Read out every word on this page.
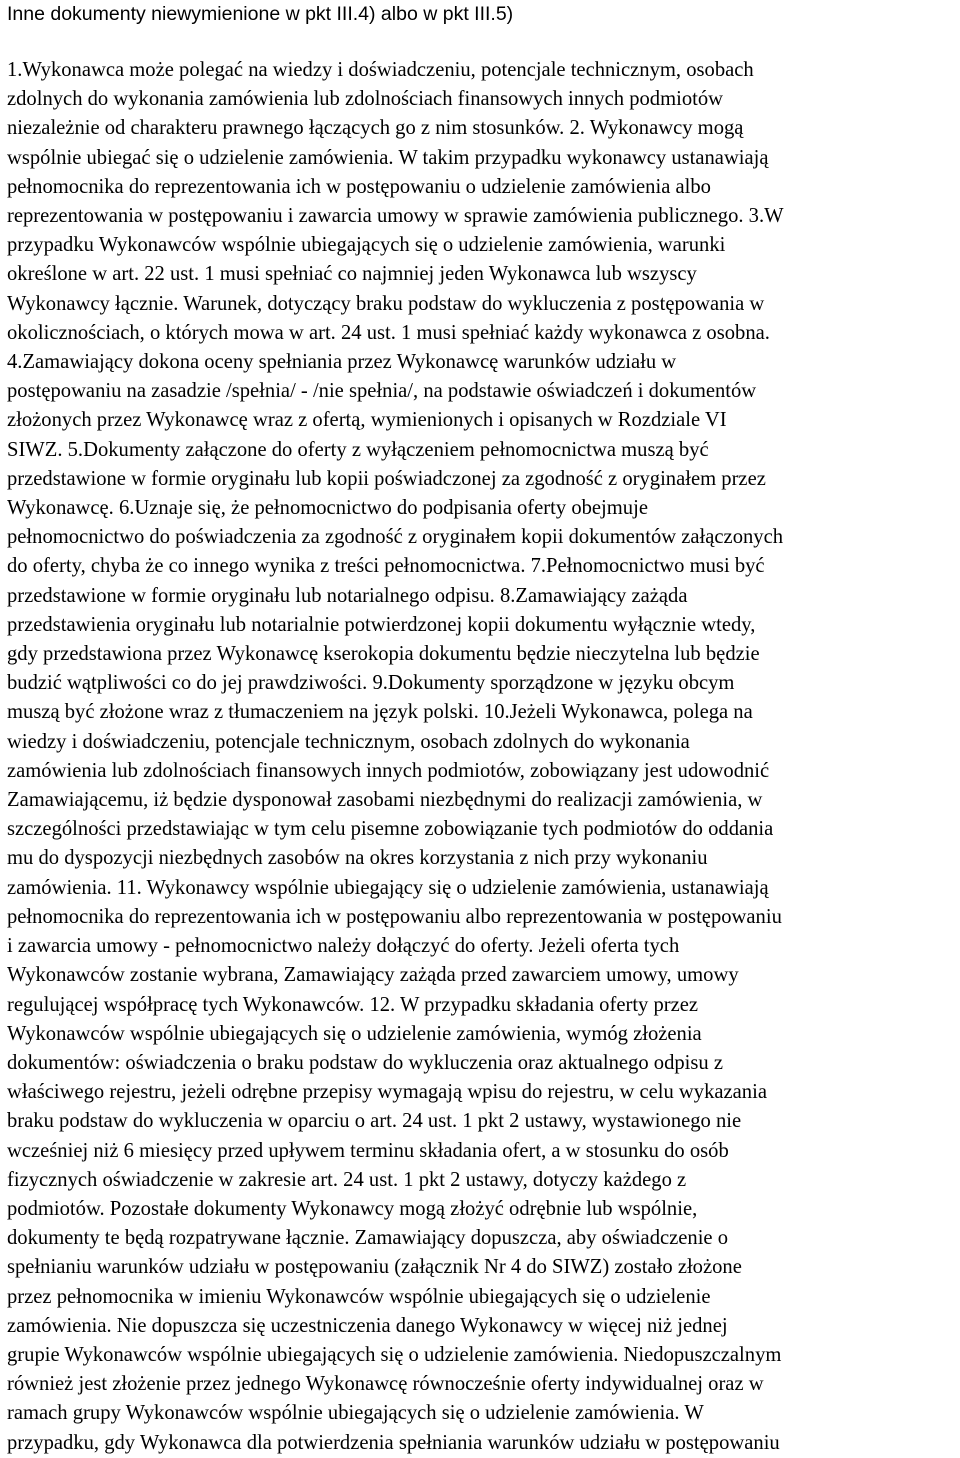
Inne dokumenty niewymienione w pkt III.4) albo w pkt III.5)

1.Wykonawca może polegać na wiedzy i doświadczeniu, potencjale technicznym, osobach
zdolnych do wykonania zamówienia lub zdolnościach finansowych innych podmiotów
niezależnie od charakteru prawnego łączących go z nim stosunków. 2. Wykonawcy mogą
wspólnie ubiegać się o udzielenie zamówienia. W takim przypadku wykonawcy ustanawiają
pełnomocnika do reprezentowania ich w postępowaniu o udzielenie zamówienia albo
reprezentowania w postępowaniu i zawarcia umowy w sprawie zamówienia publicznego. 3.W
przypadku Wykonawców wspólnie ubiegających się o udzielenie zamówienia, warunki
określone w art. 22 ust. 1 musi spełniać co najmniej jeden Wykonawca lub wszyscy
Wykonawcy łącznie. Warunek, dotyczący braku podstaw do wykluczenia z postępowania w
okolicznościach, o których mowa w art. 24 ust. 1 musi spełniać każdy wykonawca z osobna.
4.Zamawiający dokona oceny spełniania przez Wykonawcę warunków udziału w
postępowaniu na zasadzie /spełnia/ - /nie spełnia/, na podstawie oświadczeń i dokumentów
złożonych przez Wykonawcę wraz z ofertą, wymienionych i opisanych w Rozdziale VI
SIWZ. 5.Dokumenty załączone do oferty z wyłączeniem pełnomocnictwa muszą być
przedstawione w formie oryginału lub kopii poświadczonej za zgodność z oryginałem przez
Wykonawcę. 6.Uznaje się, że pełnomocnictwo do podpisania oferty obejmuje
pełnomocnictwo do poświadczenia za zgodność z oryginałem kopii dokumentów załączonych
do oferty, chyba że co innego wynika z treści pełnomocnictwa. 7.Pełnomocnictwo musi być
przedstawione w formie oryginału lub notarialnego odpisu. 8.Zamawiający zażąda
przedstawienia oryginału lub notarialnie potwierdzonej kopii dokumentu wyłącznie wtedy,
gdy przedstawiona przez Wykonawcę kserokopia dokumentu będzie nieczytelna lub będzie
budzić wątpliwości co do jej prawdziwości. 9.Dokumenty sporządzone w języku obcym
muszą być złożone wraz z tłumaczeniem na język polski. 10.Jeżeli Wykonawca, polega na
wiedzy i doświadczeniu, potencjale technicznym, osobach zdolnych do wykonania
zamówienia lub zdolnościach finansowych innych podmiotów, zobowiązany jest udowodnić
Zamawiającemu, iż będzie dysponował zasobami niezbędnymi do realizacji zamówienia, w
szczególności przedstawiając w tym celu pisemne zobowiązanie tych podmiotów do oddania
mu do dyspozycji niezbędnych zasobów na okres korzystania z nich przy wykonaniu
zamówienia. 11. Wykonawcy wspólnie ubiegający się o udzielenie zamówienia, ustanawiają
pełnomocnika do reprezentowania ich w postępowaniu albo reprezentowania w postępowaniu
i zawarcia umowy - pełnomocnictwo należy dołączyć do oferty. Jeżeli oferta tych
Wykonawców zostanie wybrana, Zamawiający zażąda przed zawarciem umowy, umowy
regulującej współpracę tych Wykonawców. 12. W przypadku składania oferty przez
Wykonawców wspólnie ubiegających się o udzielenie zamówienia, wymóg złożenia
dokumentów: oświadczenia o braku podstaw do wykluczenia oraz aktualnego odpisu z
właściwego rejestru, jeżeli odrębne przepisy wymagają wpisu do rejestru, w celu wykazania
braku podstaw do wykluczenia w oparciu o art. 24 ust. 1 pkt 2 ustawy, wystawionego nie
wcześniej niż 6 miesięcy przed upływem terminu składania ofert, a w stosunku do osób
fizycznych oświadczenie w zakresie art. 24 ust. 1 pkt 2 ustawy, dotyczy każdego z
podmiotów. Pozostałe dokumenty Wykonawcy mogą złożyć odrębnie lub wspólnie,
dokumenty te będą rozpatrywane łącznie. Zamawiający dopuszcza, aby oświadczenie o
spełnianiu warunków udziału w postępowaniu (załącznik Nr 4 do SIWZ) zostało złożone
przez pełnomocnika w imieniu Wykonawców wspólnie ubiegających się o udzielenie
zamówienia. Nie dopuszcza się uczestniczenia danego Wykonawcy w więcej niż jednej
grupie Wykonawców wspólnie ubiegających się o udzielenie zamówienia. Niedopuszczalnym
również jest złożenie przez jednego Wykonawcę równocześnie oferty indywidualnej oraz w
ramach grupy Wykonawców wspólnie ubiegających się o udzielenie zamówienia. W
przypadku, gdy Wykonawca dla potwierdzenia spełniania warunków udziału w postępowaniu
